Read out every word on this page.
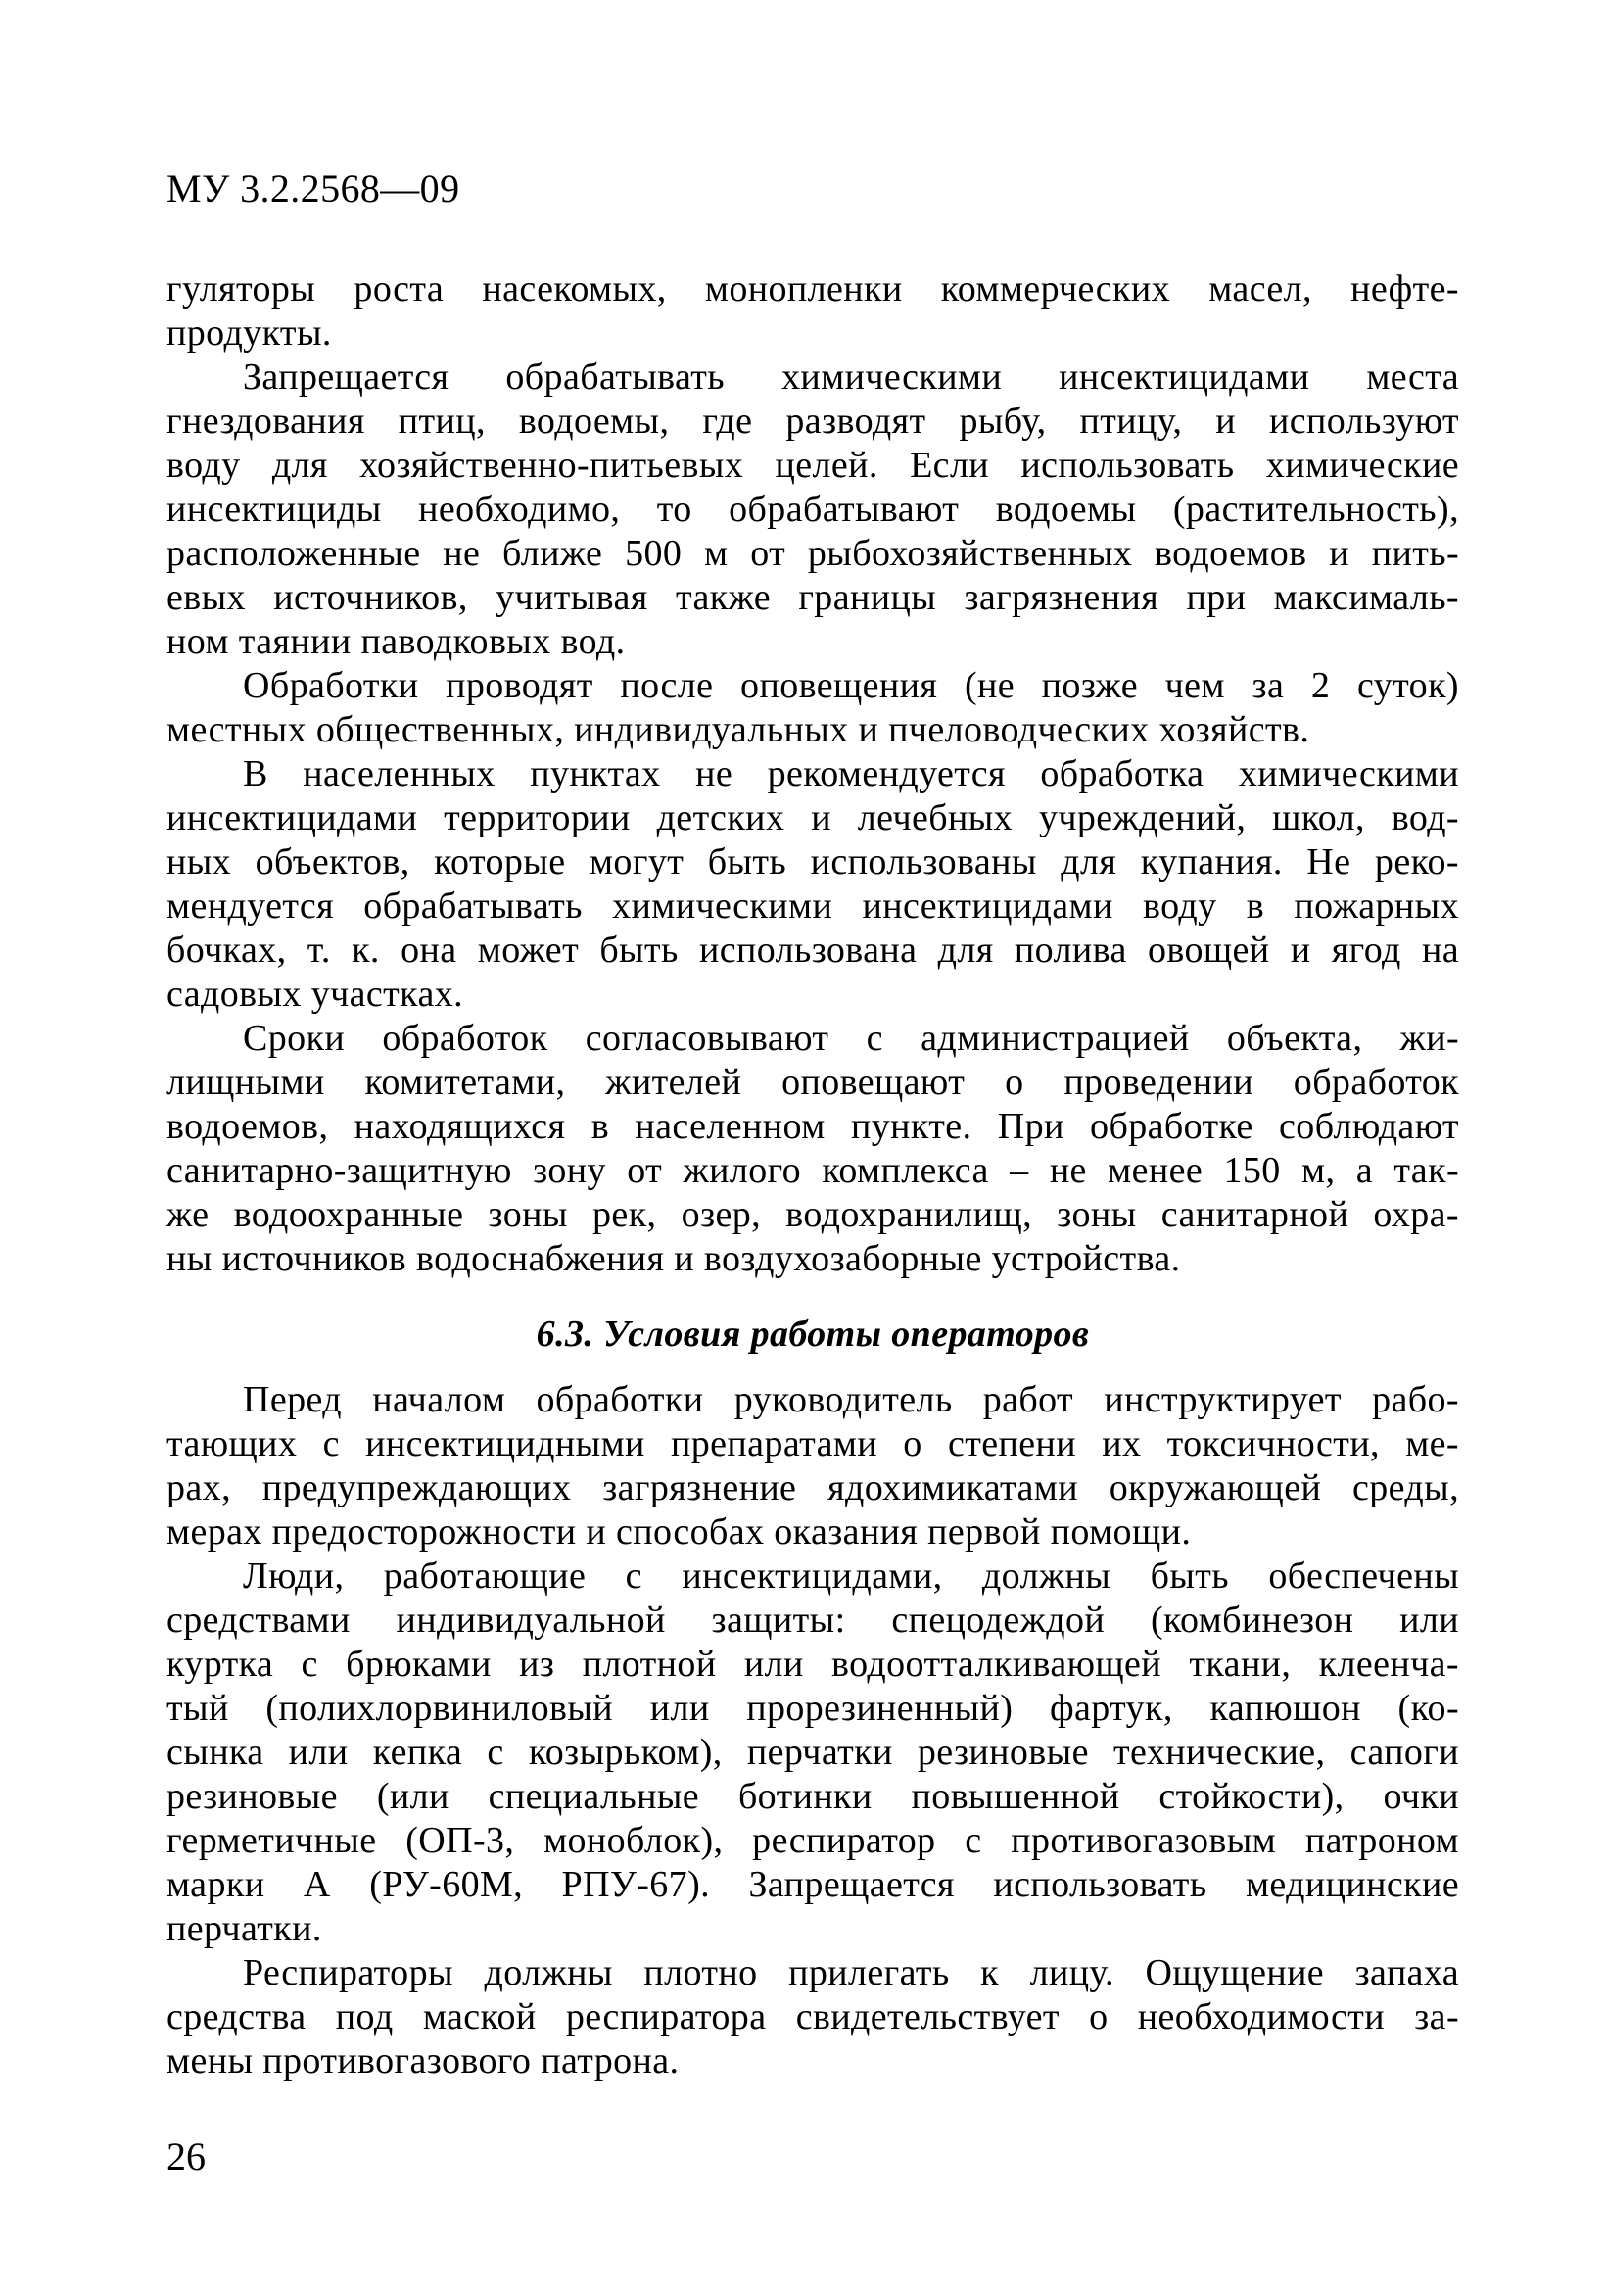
МУ 3.2.2568—09
гуляторы роста насекомых, монопленки коммерческих масел, нефте-
продукты.
Запрещается обрабатывать химическими инсектицидами места
гнездования птиц, водоемы, где разводят рыбу, птицу, и используют
воду для хозяйственно-питьевых целей. Если использовать химические
инсектициды необходимо, то обрабатывают водоемы (растительность),
расположенные не ближе 500 м от рыбохозяйственных водоемов и пить-
евых источников, учитывая также границы загрязнения при максималь-
ном таянии паводковых вод.
Обработки проводят после оповещения (не позже чем за 2 суток)
местных общественных, индивидуальных и пчеловодческих хозяйств.
В населенных пунктах не рекомендуется обработка химическими
инсектицидами территории детских и лечебных учреждений, школ, вод-
ных объектов, которые могут быть использованы для купания. Не реко-
мендуется обрабатывать химическими инсектицидами воду в пожарных
бочках, т. к. она может быть использована для полива овощей и ягод на
садовых участках.
Сроки обработок согласовывают с администрацией объекта, жи-
лищными комитетами, жителей оповещают о проведении обработок
водоемов, находящихся в населенном пункте. При обработке соблюдают
санитарно-защитную зону от жилого комплекса – не менее 150 м, а так-
же водоохранные зоны рек, озер, водохранилищ, зоны санитарной охра-
ны источников водоснабжения и воздухозаборные устройства.
6.3. Условия работы операторов
Перед началом обработки руководитель работ инструктирует рабо-
тающих с инсектицидными препаратами о степени их токсичности, ме-
рах, предупреждающих загрязнение ядохимикатами окружающей среды,
мерах предосторожности и способах оказания первой помощи.
Люди, работающие с инсектицидами, должны быть обеспечены
средствами индивидуальной защиты: спецодеждой (комбинезон или
куртка с брюками из плотной или водоотталкивающей ткани, клеенча-
тый (полихлорвиниловый или прорезиненный) фартук, капюшон (ко-
сынка или кепка с козырьком), перчатки резиновые технические, сапоги
резиновые (или специальные ботинки повышенной стойкости), очки
герметичные (ОП-3, моноблок), респиратор с противогазовым патроном
марки А (РУ-60М, РПУ-67). Запрещается использовать медицинские
перчатки.
Респираторы должны плотно прилегать к лицу. Ощущение запаха
средства под маской респиратора свидетельствует о необходимости за-
мены противогазового патрона.
26
